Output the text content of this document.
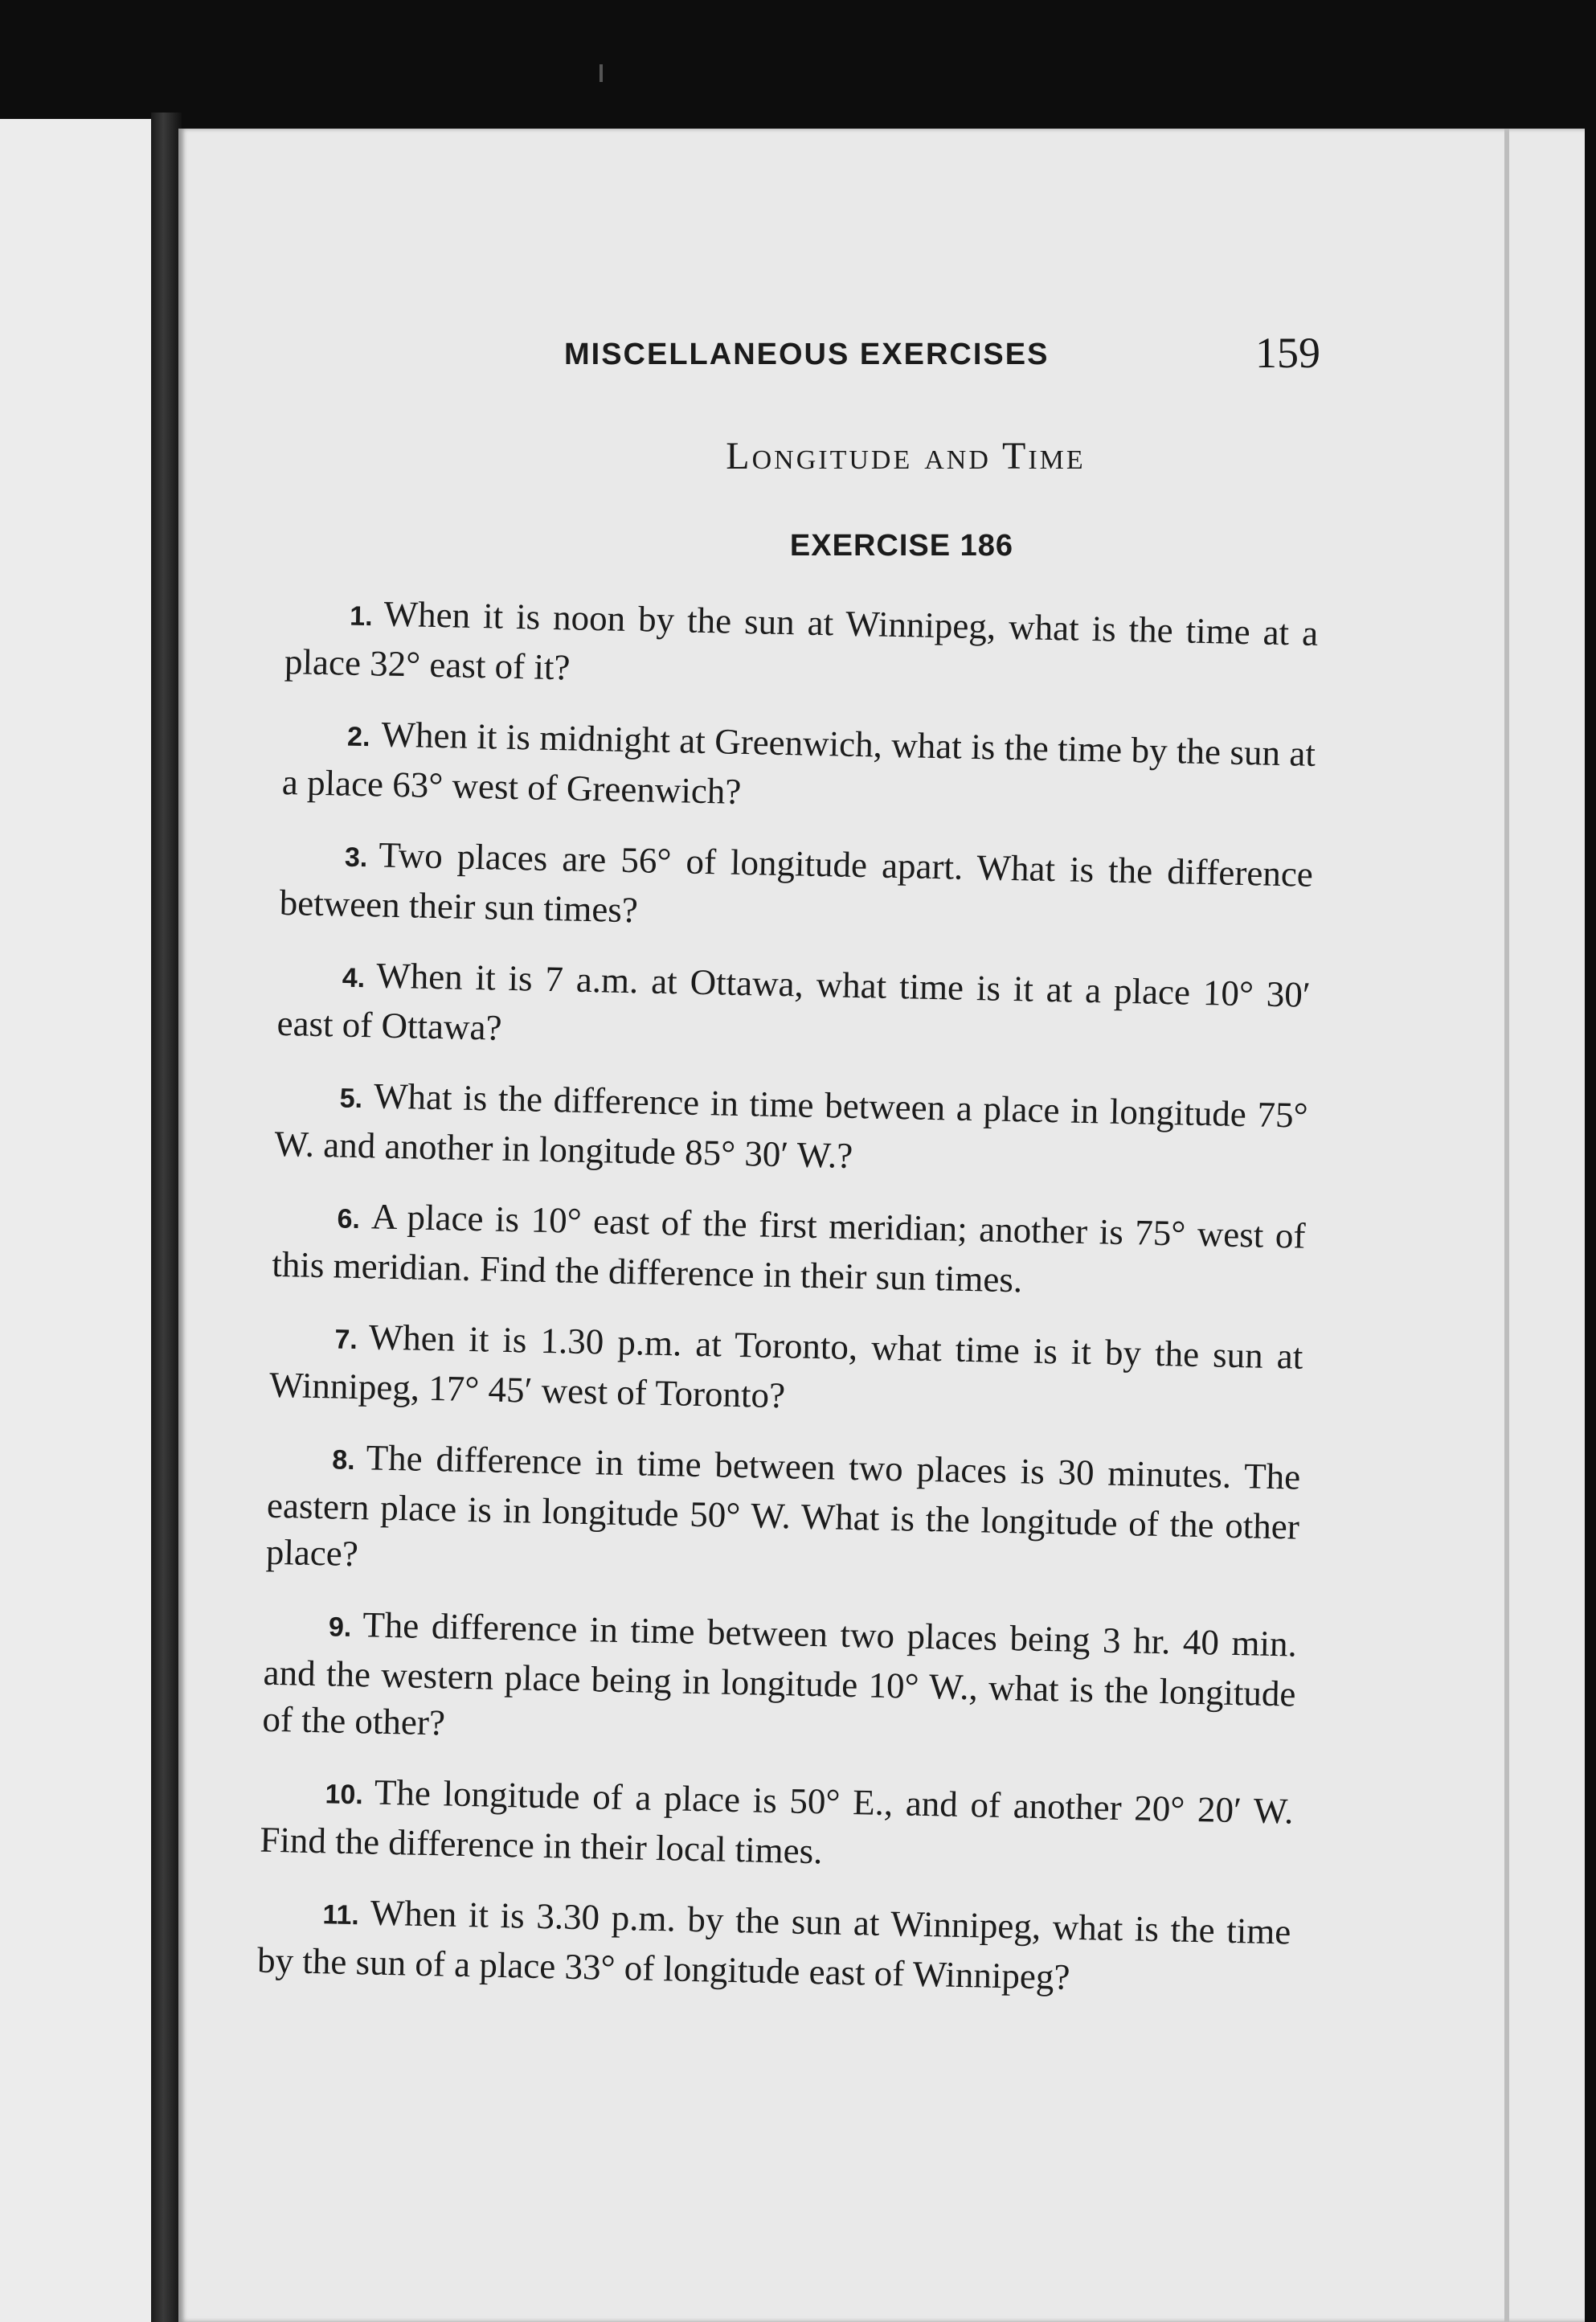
MISCELLANEOUS EXERCISES	159
Longitude and Time
EXERCISE 186

1. When it is noon by the sun at Winnipeg, what is the time at a place 32° east of it?

2. When it is midnight at Greenwich, what is the time by the sun at a place 63° west of Greenwich?

3. Two places are 56° of longitude apart. What is the difference between their sun times?

4. When it is 7 a.m. at Ottawa, what time is it at a place 10° 30′ east of Ottawa?

5. What is the difference in time between a place in longitude 75° W. and another in longitude 85° 30′ W.?

6. A place is 10° east of the first meridian; another is 75° west of this meridian. Find the difference in their sun times.

7. When it is 1.30 p.m. at Toronto, what time is it by the sun at Winnipeg, 17° 45′ west of Toronto?

8. The difference in time between two places is 30 minutes. The eastern place is in longitude 50° W. What is the longitude of the other place?

9. The difference in time between two places being 3 hr. 40 min. and the western place being in longitude 10° W., what is the longitude of the other?

10. The longitude of a place is 50° E., and of another 20° 20′ W. Find the difference in their local times.

11. When it is 3.30 p.m. by the sun at Winnipeg, what is the time by the sun of a place 33° of longitude east of Winnipeg?
